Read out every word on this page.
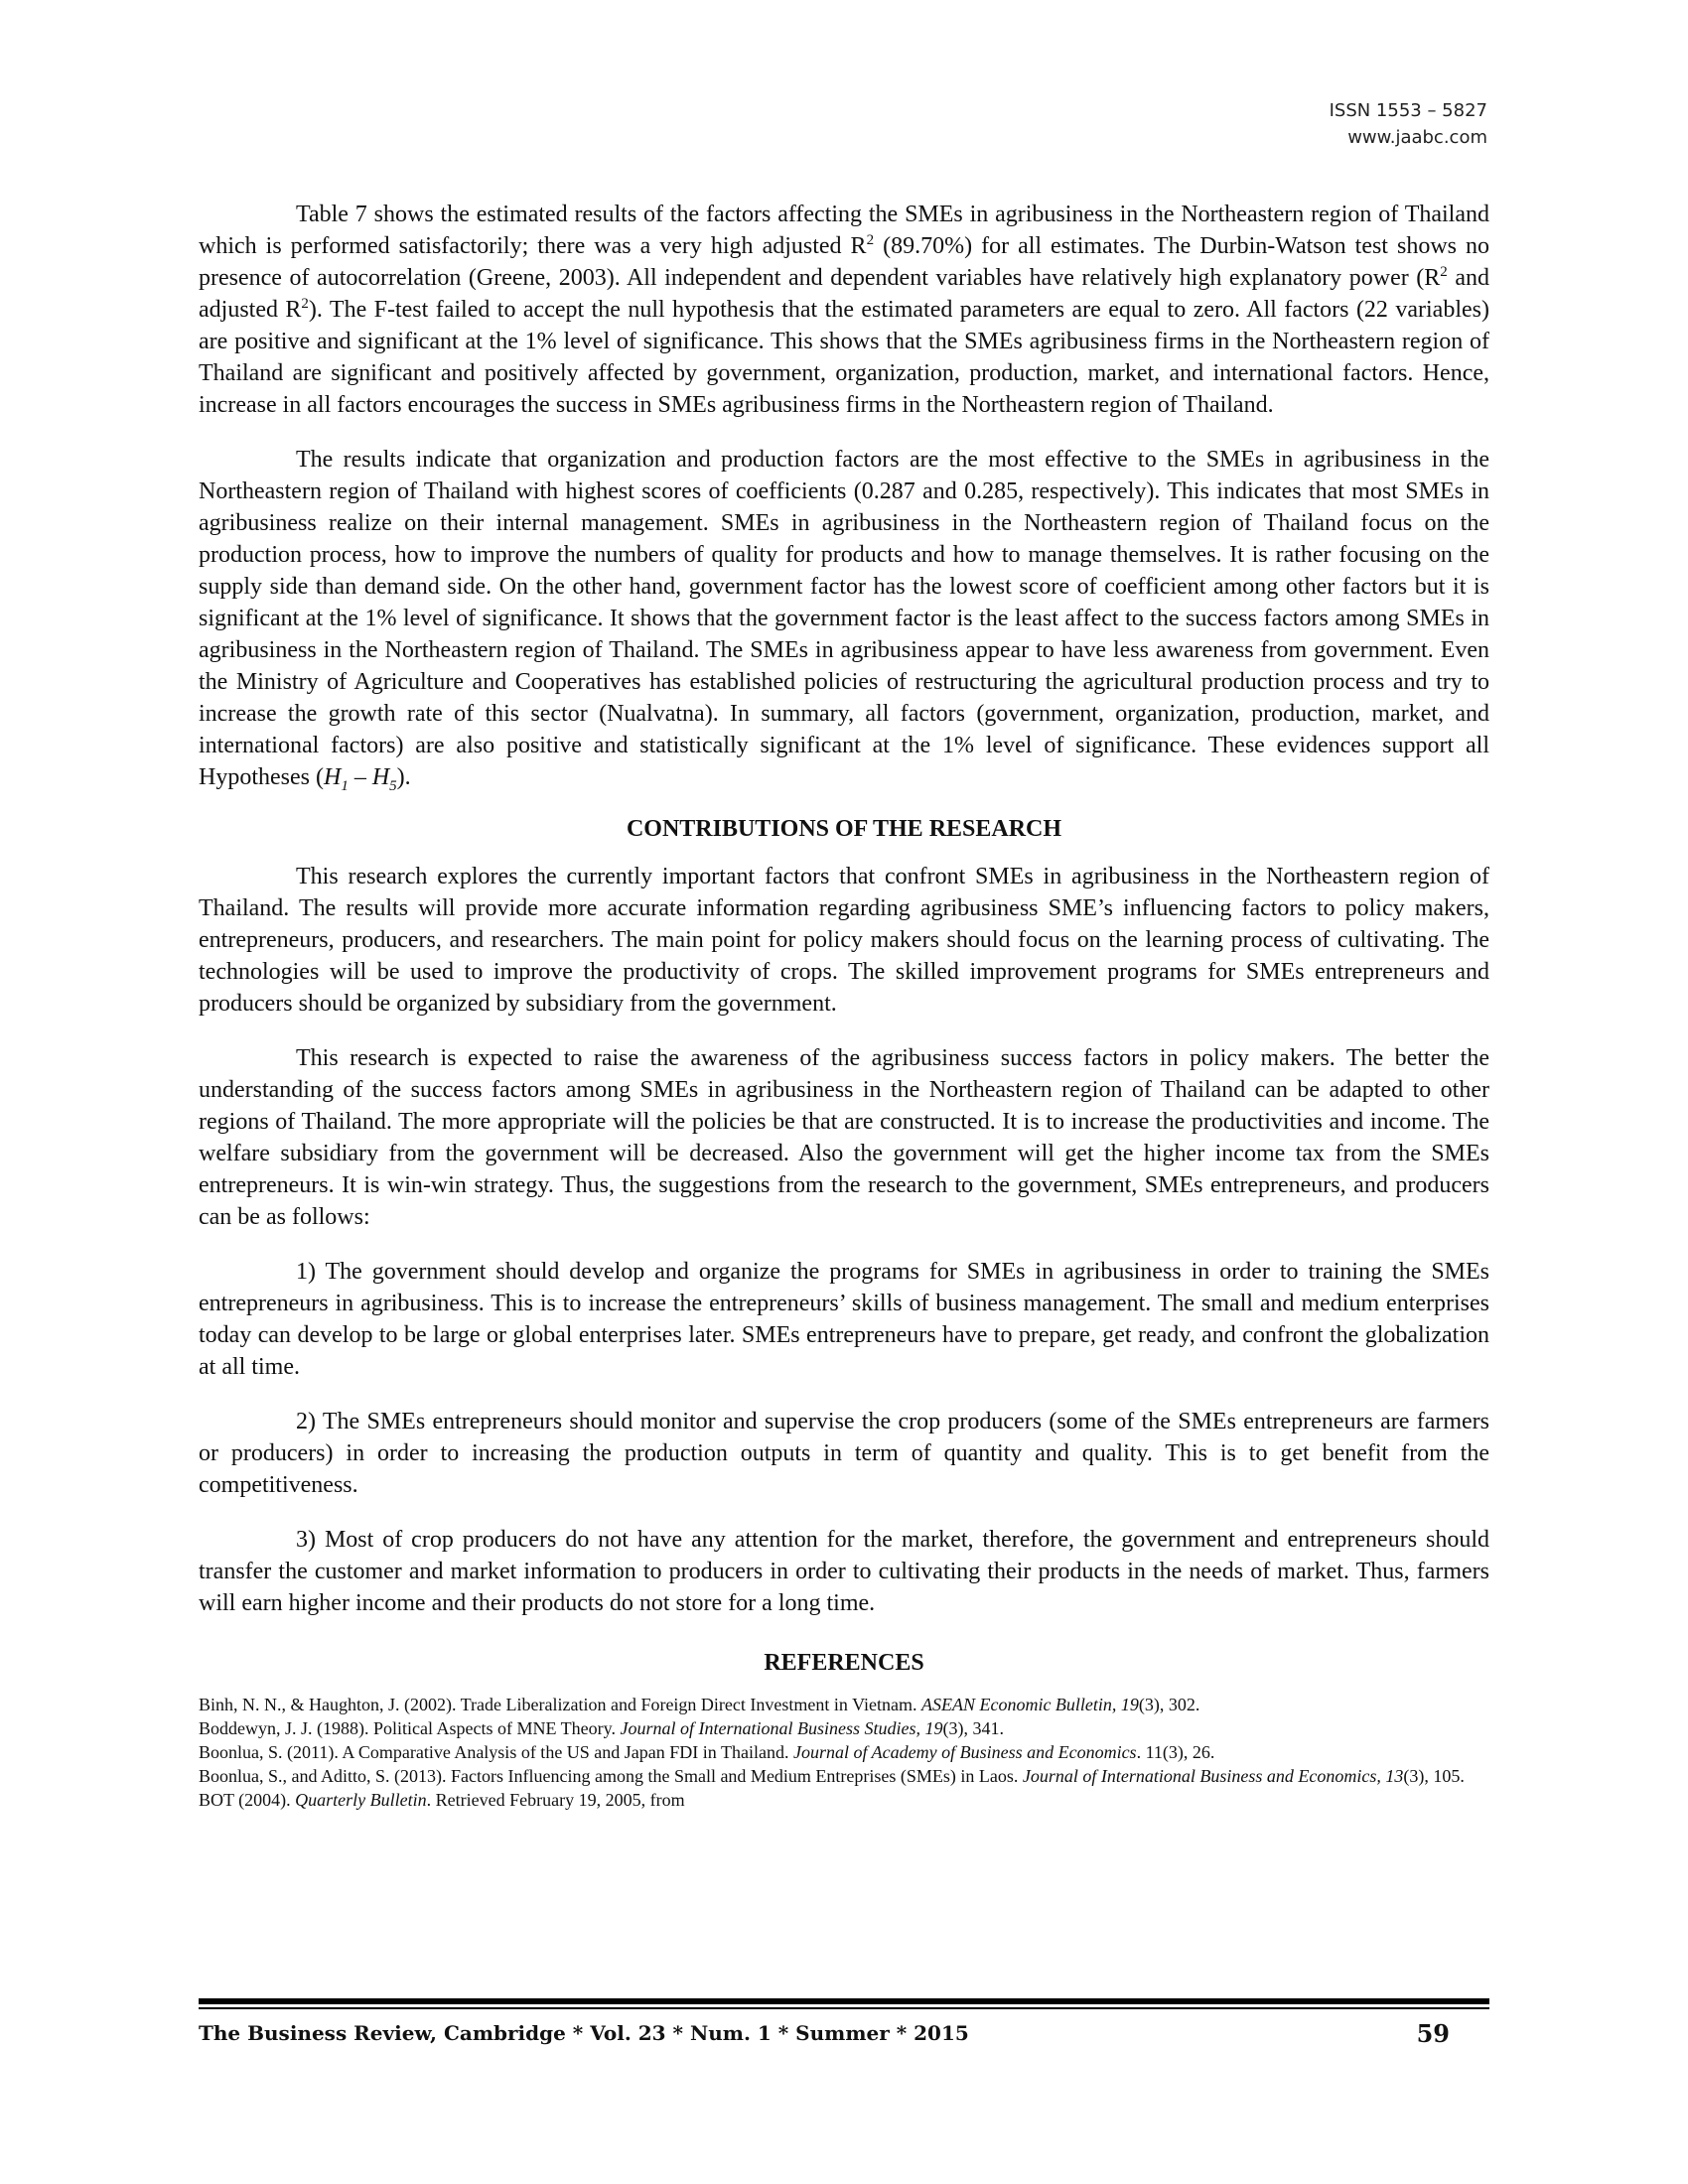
ISSN 1553 – 5827
www.jaabc.com

Table 7 shows the estimated results of the factors affecting the SMEs in agribusiness in the Northeastern region of Thailand which is performed satisfactorily; there was a very high adjusted $R^2$ (89.70%) for all estimates. The Durbin-Watson test shows no presence of autocorrelation (Greene, 2003). All independent and dependent variables have relatively high explanatory power ($R^2$ and adjusted $R^2$). The F-test failed to accept the null hypothesis that the estimated parameters are equal to zero. All factors (22 variables) are positive and significant at the 1% level of significance. This shows that the SMEs agribusiness firms in the Northeastern region of Thailand are significant and positively affected by government, organization, production, market, and international factors. Hence, increase in all factors encourages the success in SMEs agribusiness firms in the Northeastern region of Thailand.

The results indicate that organization and production factors are the most effective to the SMEs in agribusiness in the Northeastern region of Thailand with highest scores of coefficients (0.287 and 0.285, respectively). This indicates that most SMEs in agribusiness realize on their internal management. SMEs in agribusiness in the Northeastern region of Thailand focus on the production process, how to improve the numbers of quality for products and how to manage themselves. It is rather focusing on the supply side than demand side. On the other hand, government factor has the lowest score of coefficient among other factors but it is significant at the 1% level of significance. It shows that the government factor is the least affect to the success factors among SMEs in agribusiness in the Northeastern region of Thailand. The SMEs in agribusiness appear to have less awareness from government. Even the Ministry of Agriculture and Cooperatives has established policies of restructuring the agricultural production process and try to increase the growth rate of this sector (Nualvatna). In summary, all factors (government, organization, production, market, and international factors) are also positive and statistically significant at the 1% level of significance. These evidences support all Hypotheses $(H_1 - H_5)$.

CONTRIBUTIONS OF THE RESEARCH

This research explores the currently important factors that confront SMEs in agribusiness in the Northeastern region of Thailand. The results will provide more accurate information regarding agribusiness SME’s influencing factors to policy makers, entrepreneurs, producers, and researchers. The main point for policy makers should focus on the learning process of cultivating. The technologies will be used to improve the productivity of crops. The skilled improvement programs for SMEs entrepreneurs and producers should be organized by subsidiary from the government.

This research is expected to raise the awareness of the agribusiness success factors in policy makers. The better the understanding of the success factors among SMEs in agribusiness in the Northeastern region of Thailand can be adapted to other regions of Thailand. The more appropriate will the policies be that are constructed. It is to increase the productivities and income. The welfare subsidiary from the government will be decreased. Also the government will get the higher income tax from the SMEs entrepreneurs. It is win-win strategy. Thus, the suggestions from the research to the government, SMEs entrepreneurs, and producers can be as follows:

1) The government should develop and organize the programs for SMEs in agribusiness in order to training the SMEs entrepreneurs in agribusiness. This is to increase the entrepreneurs’ skills of business management. The small and medium enterprises today can develop to be large or global enterprises later. SMEs entrepreneurs have to prepare, get ready, and confront the globalization at all time.

2) The SMEs entrepreneurs should monitor and supervise the crop producers (some of the SMEs entrepreneurs are farmers or producers) in order to increasing the production outputs in term of quantity and quality. This is to get benefit from the competitiveness.

3) Most of crop producers do not have any attention for the market, therefore, the government and entrepreneurs should transfer the customer and market information to producers in order to cultivating their products in the needs of market. Thus, farmers will earn higher income and their products do not store for a long time.

REFERENCES

Binh, N. N., & Haughton, J. (2002). Trade Liberalization and Foreign Direct Investment in Vietnam. ASEAN Economic Bulletin, 19(3), 302.

Boddewyn, J. J. (1988). Political Aspects of MNE Theory. Journal of International Business Studies, 19(3), 341.

Boonlua, S. (2011). A Comparative Analysis of the US and Japan FDI in Thailand. Journal of Academy of Business and Economics. 11(3), 26.

Boonlua, S., and Aditto, S. (2013). Factors Influencing among the Small and Medium Entreprises (SMEs) in Laos. Journal of International Business and Economics, 13(3), 105.

BOT (2004). Quarterly Bulletin. Retrieved February 19, 2005, from

The Business Review, Cambridge * Vol. 23 * Num. 1 * Summer * 2015	59
